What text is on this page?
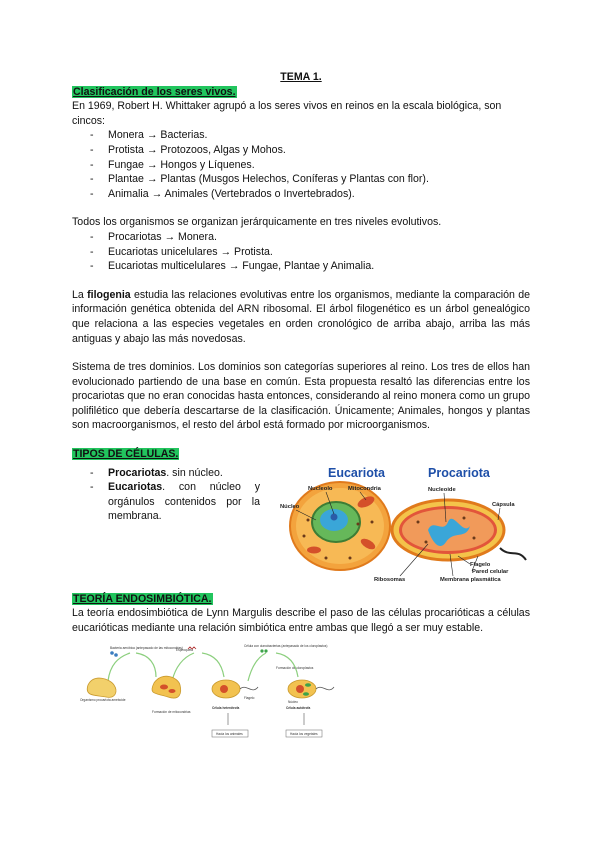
TEMA 1.

Clasificación de los seres vivos.

En 1969, Robert H. Whittaker agrupó a los seres vivos en reinos en la escala biológica, son cincos:

- Monera → Bacterias.
- Protista → Protozoos, Algas y Mohos.
- Fungae → Hongos y Líquenes.
- Plantae → Plantas (Musgos Helechos, Coníferas y Plantas con flor).
- Animalia → Animales (Vertebrados o Invertebrados).

Todos los organismos se organizan jerárquicamente en tres niveles evolutivos.

- Procariotas → Monera.
- Eucariotas unicelulares → Protista.
- Eucariotas multicelulares → Fungae, Plantae y Animalia.

La filogenia estudia las relaciones evolutivas entre los organismos, mediante la comparación de información genética obtenida del ARN ribosomal. El árbol filogenético es un árbol genealógico que relaciona a las especies vegetales en orden cronológico de arriba abajo, arriba las más antiguas y abajo las más novedosas.

Sistema de tres dominios. Los dominios son categorías superiores al reino. Los tres de ellos han evolucionado partiendo de una base en común. Esta propuesta resaltó las diferencias entre los procariotas que no eran conocidas hasta entonces, considerando al reino monera como un grupo polifilético que debería descartarse de la clasificación. Únicamente; Animales, hongos y plantas son macroorganismos, el resto del árbol está formado por microorganismos.

TIPOS DE CÉLULAS.

- Procariotas. sin núcleo.
- Eucariotas. con núcleo y orgánulos contenidos por la membrana.
Eucariota	Procariota
Nucleolo	Mitocondria
Núcleo
Ribosomas
Nucleoide
Cápsula
Flagelo
Pared celular
Membrana plasmática

TEORÍA ENDOSIMBIÓTICA.

La teoría endosimbiótica de Lynn Margulis describe el paso de las células procarióticas a células eucarióticas mediante una relación simbiótica entre ambas que llegó a ser muy estable.

Bacteria aeróbica (antepasado de las mitocondrias)
Organismo procariota ameboide
Formación de mitocondrias
Espiroqueta
Flagelo
Célula heterótrofa
Célula con cianobacterias (antepasado de los cloroplastos)
Formación de cloroplastos
Núcleo
Célula autótrofa
Hacia los animales	Hacia los vegetales
